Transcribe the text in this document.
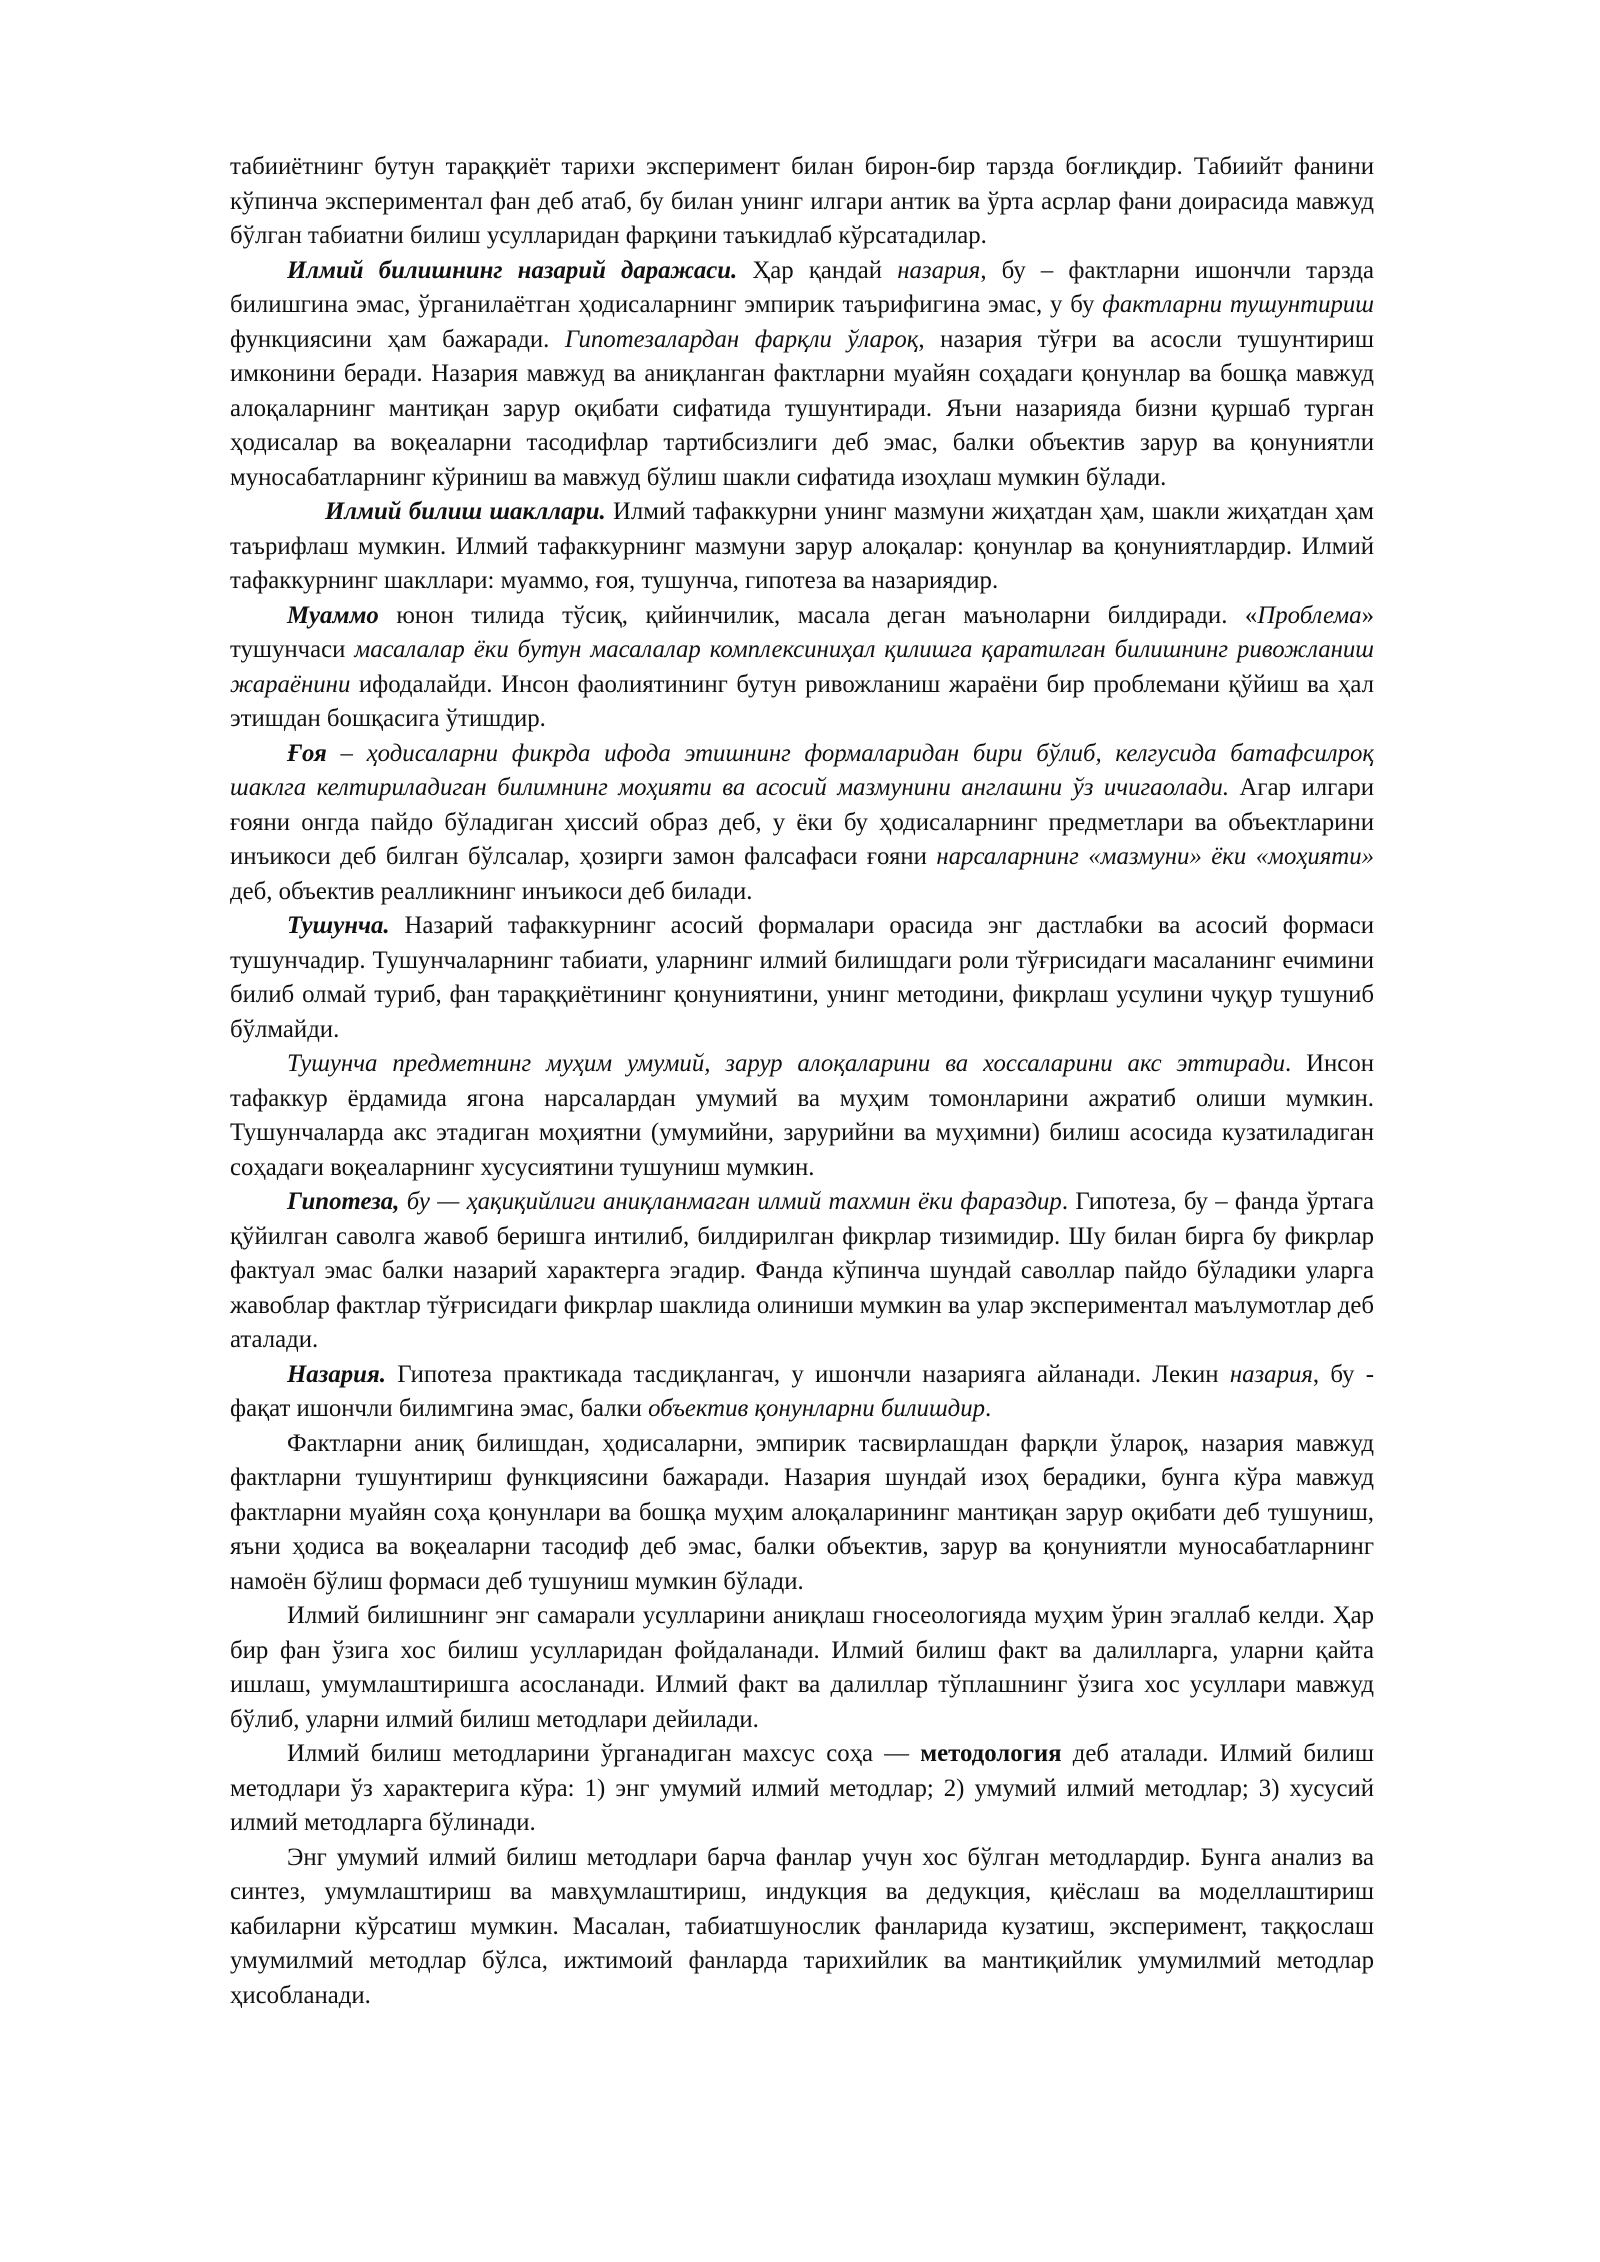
табииётнинг бутун тараққиёт тарихи эксперимент билан бирон-бир тарзда боғлиқдир. Табиийт фанини кўпинча экспериментал фан деб атаб, бу билан унинг илгари антик ва ўрта асрлар фани доирасида мавжуд бўлган табиатни билиш усулларидан фарқини таъкидлаб кўрсатадилар.

Илмий билишнинг назарий даражаси. Ҳар қандай назария, бу – фактларни ишончли тарзда билишгина эмас, ўрганилаётган ҳодисаларнинг эмпирик таърифигина эмас, у бу фактларни тушунтириш функциясини ҳам бажаради. Гипотезалардан фарқли ўлароқ, назария тўғри ва асосли тушунтириш имконини беради. Назария мавжуд ва аниқланган фактларни муайян соҳадаги қонунлар ва бошқа мавжуд алоқаларнинг мантиқан зарур оқибати сифатида тушунтиради. Яъни назарияда бизни қуршаб турган ҳодисалар ва воқеаларни тасодифлар тартибсизлиги деб эмас, балки объектив зарур ва қонуниятли муносабатларнинг кўриниш ва мавжуд бўлиш шакли сифатида изоҳлаш мумкин бўлади.

Илмий билиш шакллари. Илмий тафаккурни унинг мазмуни жиҳатдан ҳам, шакли жиҳатдан ҳам таърифлаш мумкин. Илмий тафаккурнинг мазмуни зарур алоқалар: қонунлар ва қонуниятлардир. Илмий тафаккурнинг шакллари: муаммо, ғоя, тушунча, гипотеза ва назариядир.

Муаммо юнон тилида тўсиқ, қийинчилик, масала деган маъноларни билдиради. «Проблема» тушунчаси масалалар ёки бутун масалалар комплексиниҳал қилишга қаратилган билишнинг ривожланиш жараёнини ифодалайди. Инсон фаолиятининг бутун ривожланиш жараёни бир проблемани қўйиш ва ҳал этишдан бошқасига ўтишдир.

Ғоя – ҳодисаларни фикрда ифода этишнинг формаларидан бири бўлиб, келгусида батафсилроқ шаклга келтириладиган билимнинг моҳияти ва асосий мазмунини англашни ўз ичигаолади. Агар илгари ғояни онгда пайдо бўладиган ҳиссий образ деб, у ёки бу ҳодисаларнинг предметлари ва объектларини инъикоси деб билган бўлсалар, ҳозирги замон фалсафаси ғояни нарсаларнинг «мазмуни» ёки «моҳияти» деб, объектив реалликнинг инъикоси деб билади.

Тушунча. Назарий тафаккурнинг асосий формалари орасида энг дастлабки ва асосий формаси тушунчадир. Тушунчаларнинг табиати, уларнинг илмий билишдаги роли тўғрисидаги масаланинг ечимини билиб олмай туриб, фан тараққиётининг қонуниятини, унинг методини, фикрлаш усулини чуқур тушуниб бўлмайди.

Тушунча предметнинг муҳим умумий, зарур алоқаларини ва хоссаларини акс эттиради. Инсон тафаккур ёрдамида ягона нарсалардан умумий ва муҳим томонларини ажратиб олиши мумкин. Тушунчаларда акс этадиган моҳиятни (умумийни, зарурийни ва муҳимни) билиш асосида кузатиладиган соҳадаги воқеаларнинг хусусиятини тушуниш мумкин.

Гипотеза, бу — ҳақиқийлиги аниқланмаган илмий тахмин ёки фараздир. Гипотеза, бу – фанда ўртага қўйилган саволга жавоб беришга интилиб, билдирилган фикрлар тизимидир. Шу билан бирга бу фикрлар фактуал эмас балки назарий характерга эгадир. Фанда кўпинча шундай саволлар пайдо бўладики уларга жавоблар фактлар тўғрисидаги фикрлар шаклида олиниши мумкин ва улар экспериментал маълумотлар деб аталади.

Назария. Гипотеза практикада тасдиқлангач, у ишончли назарияга айланади. Лекин назария, бу - фақат ишончли билимгина эмас, балки объектив қонунларни билишдир.

Фактларни аниқ билишдан, ҳодисаларни, эмпирик тасвирлашдан фарқли ўлароқ, назария мавжуд фактларни тушунтириш функциясини бажаради. Назария шундай изоҳ берадики, бунга кўра мавжуд фактларни муайян соҳа қонунлари ва бошқа муҳим алоқаларининг мантиқан зарур оқибати деб тушуниш, яъни ҳодиса ва воқеаларни тасодиф деб эмас, балки объектив, зарур ва қонуниятли муносабатларнинг намоён бўлиш формаси деб тушуниш мумкин бўлади.

Илмий билишнинг энг самарали усулларини аниқлаш гносеологияда муҳим ўрин эгаллаб келди. Ҳар бир фан ўзига хос билиш усулларидан фойдаланади. Илмий билиш факт ва далилларга, уларни қайта ишлаш, умумлаштиришга асосланади. Илмий факт ва далиллар тўплашнинг ўзига хос усуллари мавжуд бўлиб, уларни илмий билиш методлари дейилади.

Илмий билиш методларини ўрганадиган махсус соҳа — методология деб аталади. Илмий билиш методлари ўз характерига кўра: 1) энг умумий илмий методлар; 2) умумий илмий методлар; 3) хусусий илмий методларга бўлинади.

Энг умумий илмий билиш методлари барча фанлар учун хос бўлган методлардир. Бунга анализ ва синтез, умумлаштириш ва мавҳумлаштириш, индукция ва дедукция, қиёслаш ва моделлаштириш кабиларни кўрсатиш мумкин. Масалан, табиатшунослик фанларида кузатиш, эксперимент, таққослаш умумилмий методлар бўлса, ижтимоий фанларда тарихийлик ва мантиқийлик умумилмий методлар ҳисобланади.
